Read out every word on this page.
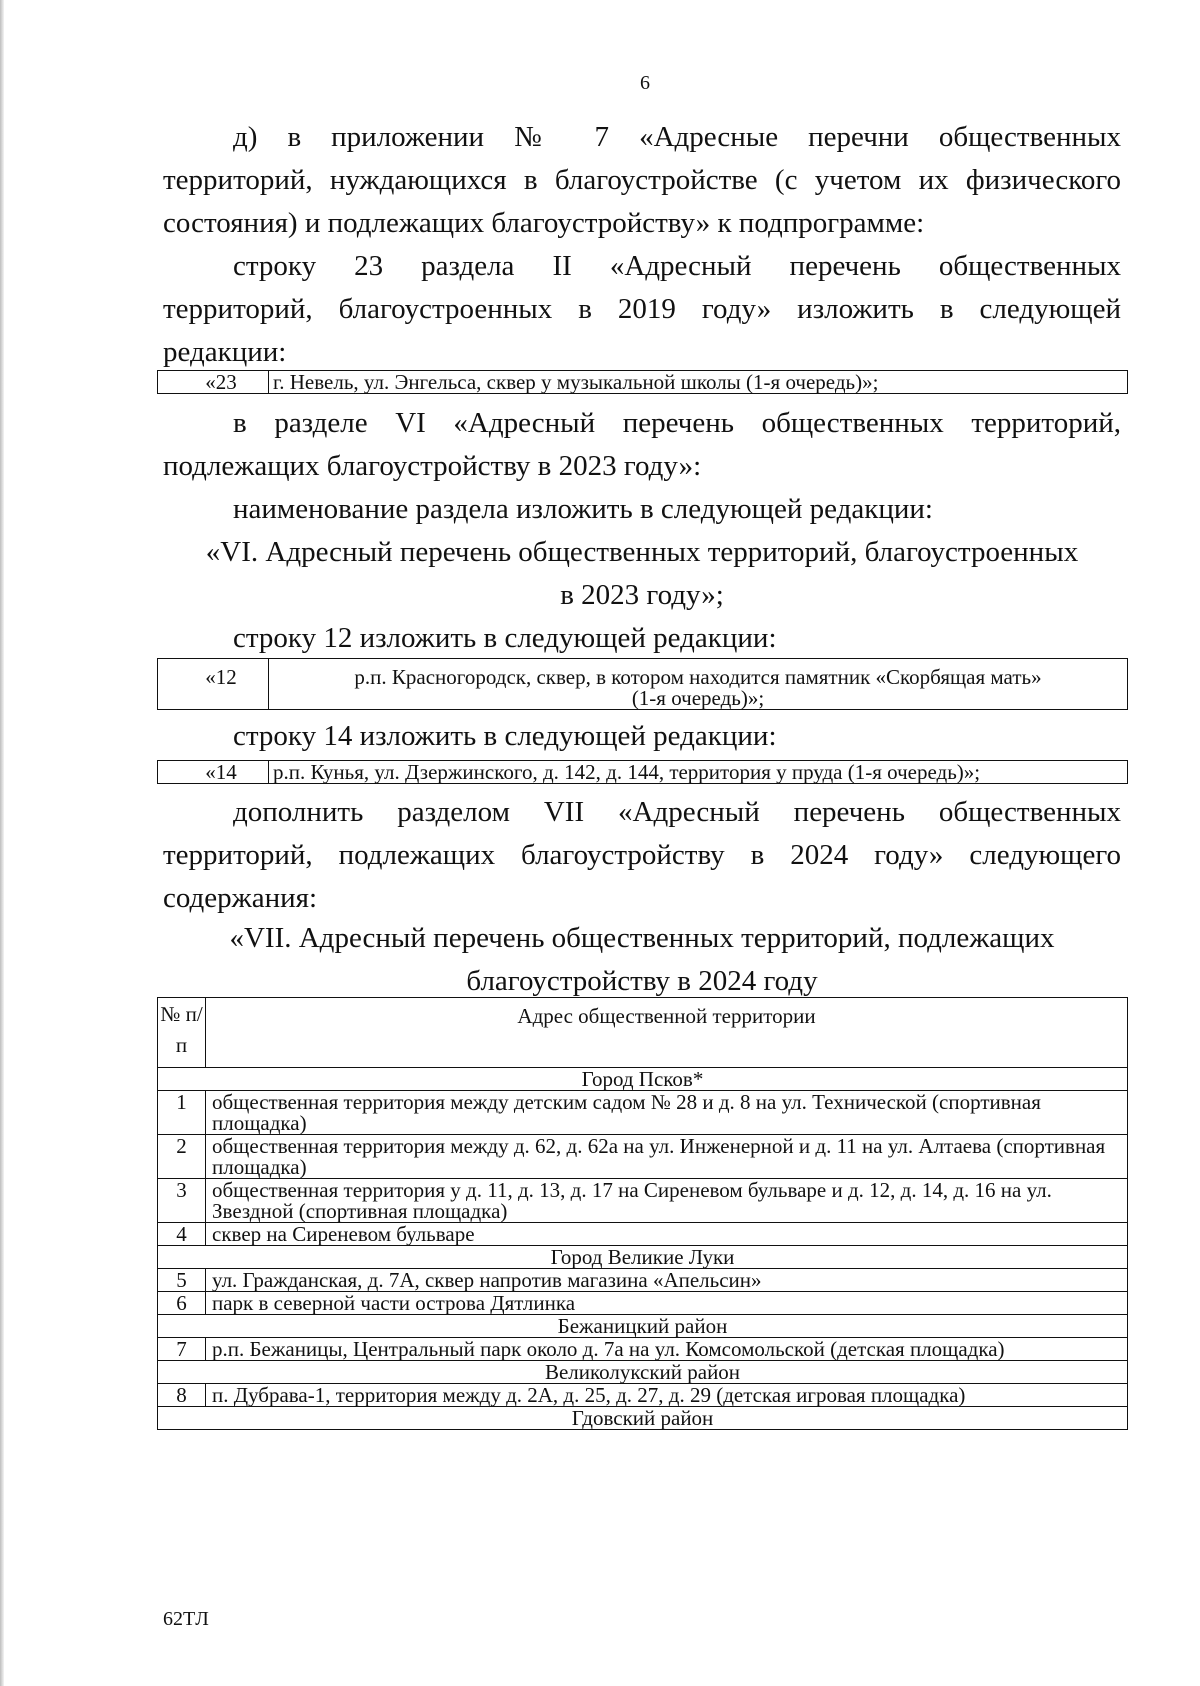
6
д) в приложении № 7 «Адресные перечни общественных
территорий, нуждающихся в благоустройстве (с учетом их физического
состояния) и подлежащих благоустройству» к подпрограмме:
строку 23 раздела II «Адресный перечень общественных
территорий, благоустроенных в 2019 году» изложить в следующей
редакции:
«23	г. Невель, ул. Энгельса, сквер у музыкальной школы (1-я очередь)»;
в разделе VI «Адресный перечень общественных территорий,
подлежащих благоустройству в 2023 году»:
наименование раздела изложить в следующей редакции:
«VI. Адресный перечень общественных территорий, благоустроенных
в 2023 году»;
строку 12 изложить в следующей редакции:
«12	р.п. Красногородск, сквер, в котором находится памятник «Скорбящая мать»
(1-я очередь)»;
строку 14 изложить в следующей редакции:
«14	р.п. Кунья, ул. Дзержинского, д. 142, д. 144, территория у пруда (1-я очередь)»;
дополнить разделом VII «Адресный перечень общественных
территорий, подлежащих благоустройству в 2024 году» следующего
содержания:
«VII. Адресный перечень общественных территорий, подлежащих
благоустройству в 2024 году
№ п/п	Адрес общественной территории
Город Псков*	
1	общественная территория между детским садом № 28 и д. 8 на ул. Технической (спортивная площадка)
2	общественная территория между д. 62, д. 62а на ул. Инженерной и д. 11 на ул. Алтаева (спортивная площадка)
3	общественная территория у д. 11, д. 13, д. 17 на Сиреневом бульваре и д. 12, д. 14, д. 16 на ул. Звездной (спортивная площадка)
4	сквер на Сиреневом бульваре
Город Великие Луки	
5	ул. Гражданская, д. 7А, сквер напротив магазина «Апельсин»
6	парк в северной части острова Дятлинка
Бежаницкий район	
7	р.п. Бежаницы, Центральный парк около д. 7а на ул. Комсомольской (детская площадка)
Великолукский район	
8	п. Дубрава-1, территория между д. 2А, д. 25, д. 27, д. 29 (детская игровая площадка)
Гдовский район	
62TЛ
